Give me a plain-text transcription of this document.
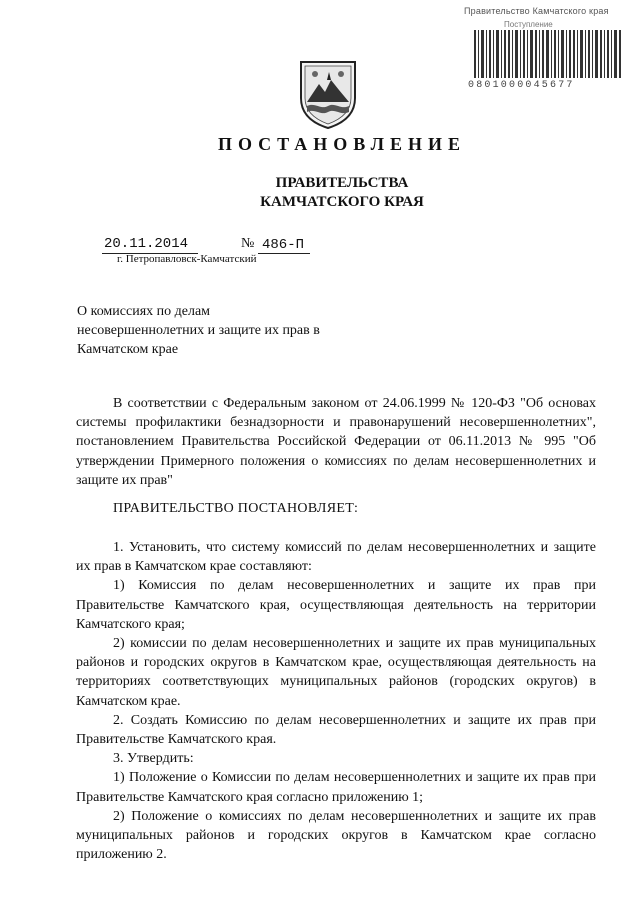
Правительство Камчатского края
Поступление
0801000045677
ПОСТАНОВЛЕНИЕ
ПРАВИТЕЛЬСТВА
КАМЧАТСКОГО КРАЯ
20.11.2014	№ 486-П
г. Петропавловск-Камчатский
О комиссиях по делам несовершеннолетних и защите их прав в Камчатском крае

В соответствии с Федеральным законом от 24.06.1999 № 120-ФЗ "Об основах системы профилактики безнадзорности и правонарушений несовершеннолетних", постановлением Правительства Российской Федерации от 06.11.2013 № 995 "Об утверждении Примерного положения о комиссиях по делам несовершеннолетних и защите их прав"

ПРАВИТЕЛЬСТВО ПОСТАНОВЛЯЕТ:

1. Установить, что систему комиссий по делам несовершеннолетних и защите их прав в Камчатском крае составляют:

1) Комиссия по делам несовершеннолетних и защите их прав при Правительстве Камчатского края, осуществляющая деятельность на территории Камчатского края;

2) комиссии по делам несовершеннолетних и защите их прав муниципальных районов и городских округов в Камчатском крае, осуществляющая деятельность на территориях соответствующих муниципальных районов (городских округов) в Камчатском крае.

2. Создать Комиссию по делам несовершеннолетних и защите их прав при Правительстве Камчатского края.

3. Утвердить:

1) Положение о Комиссии по делам несовершеннолетних и защите их прав при Правительстве Камчатского края согласно приложению 1;

2) Положение о комиссиях по делам несовершеннолетних и защите их прав муниципальных районов и городских округов в Камчатском крае согласно приложению 2.
